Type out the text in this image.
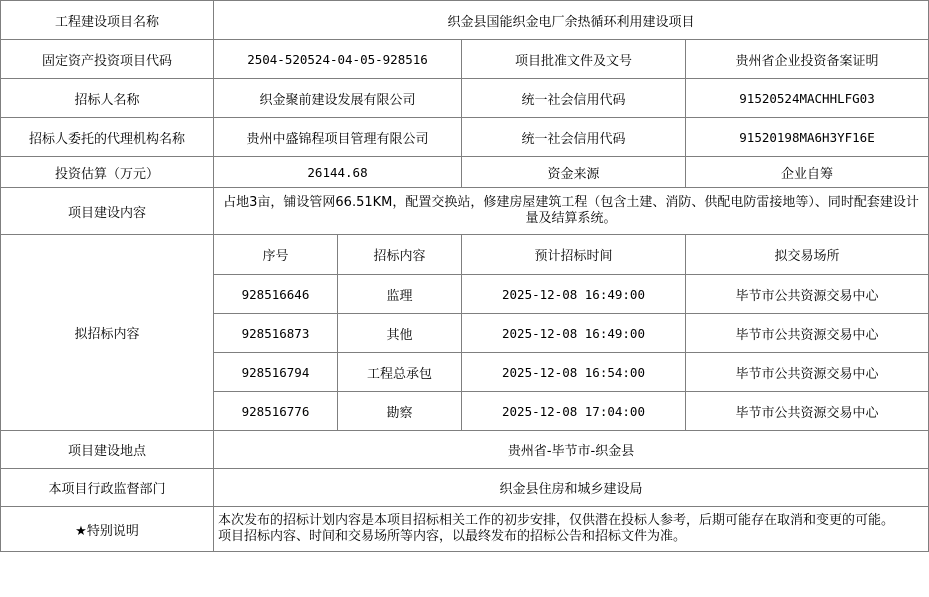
工程建设项目名称	织金县国能织金电厂余热循环利用建设项目			
固定资产投资项目代码	2504-520524-04-05-928516		项目批准文件及文号	贵州省企业投资备案证明
招标人名称	织金聚前建设发展有限公司		统一社会信用代码	91520524MACHHLFG03
招标人委托的代理机构名称	贵州中盛锦程项目管理有限公司		统一社会信用代码	91520198MA6H3YF16E
投资估算（万元）	26144.68		资金来源	企业自筹
项目建设内容	占地3亩，铺设管网66.51KM，配置交换站，修建房屋建筑工程（包含土建、消防、供配电防雷接地等）、同时配套建设计量及结算系统。			
拟招标内容	序号	招标内容	预计招标时间	拟交易场所
	928516646	监理	2025-12-08 16:49:00	毕节市公共资源交易中心
	928516873	其他	2025-12-08 16:49:00	毕节市公共资源交易中心
	928516794	工程总承包	2025-12-08 16:54:00	毕节市公共资源交易中心
	928516776	勘察	2025-12-08 17:04:00	毕节市公共资源交易中心
项目建设地点	贵州省-毕节市-织金县			
本项目行政监督部门	织金县住房和城乡建设局			
★特别说明	本次发布的招标计划内容是本项目招标相关工作的初步安排，仅供潜在投标人参考，后期可能存在取消和变更的可能。
项目招标内容、时间和交易场所等内容，以最终发布的招标公告和招标文件为准。			
